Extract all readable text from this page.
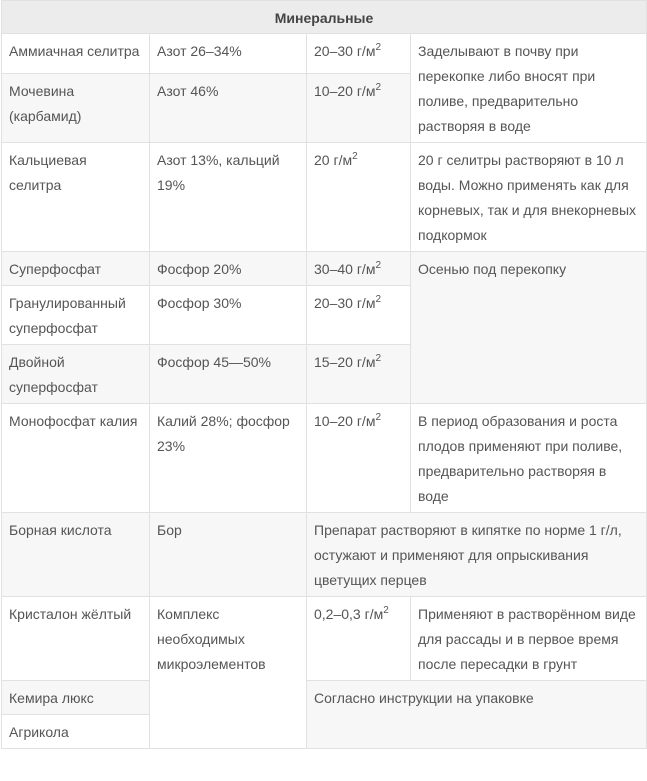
Минеральные			
Аммиачная селитра	Азот 26–34%	20–30 $г/м^2$	Заделывают в почву при перекопке либо вносят при поливе, предварительно растворяя в воде
Мочевина (карбамид)	Азот 46%	10–20 $г/м^2$
Кальциевая селитра	Азот 13%, кальций 19%	20 $г/м^2$	20 г селитры растворяют в 10 л воды. Можно применять как для корневых, так и для внекорневых подкормок
Суперфосфат	Фосфор 20%	30–40 $г/м^2$	Осенью под перекопку
Гранулированный суперфосфат	Фосфор 30%	20–30 $г/м^2$
Двойной суперфосфат	Фосфор 45—50%	15–20 $г/м^2$
Монофосфат калия	Калий 28%; фосфор 23%	10–20 $г/м^2$	В период образования и роста плодов применяют при поливе, предварительно растворяя в воде
Борная кислота	Бор	Препарат растворяют в кипятке по норме 1 г/л, остужают и применяют для опрыскивания цветущих перцев	
Кристалон жёлтый	Комплекс необходимых микроэлементов	0,2–0,3 $г/м^2$	Применяют в растворённом виде для рассады и в первое время после пересадки в грунт
Кемира люкс		Согласно инструкции на упаковке	
Агрикола			
